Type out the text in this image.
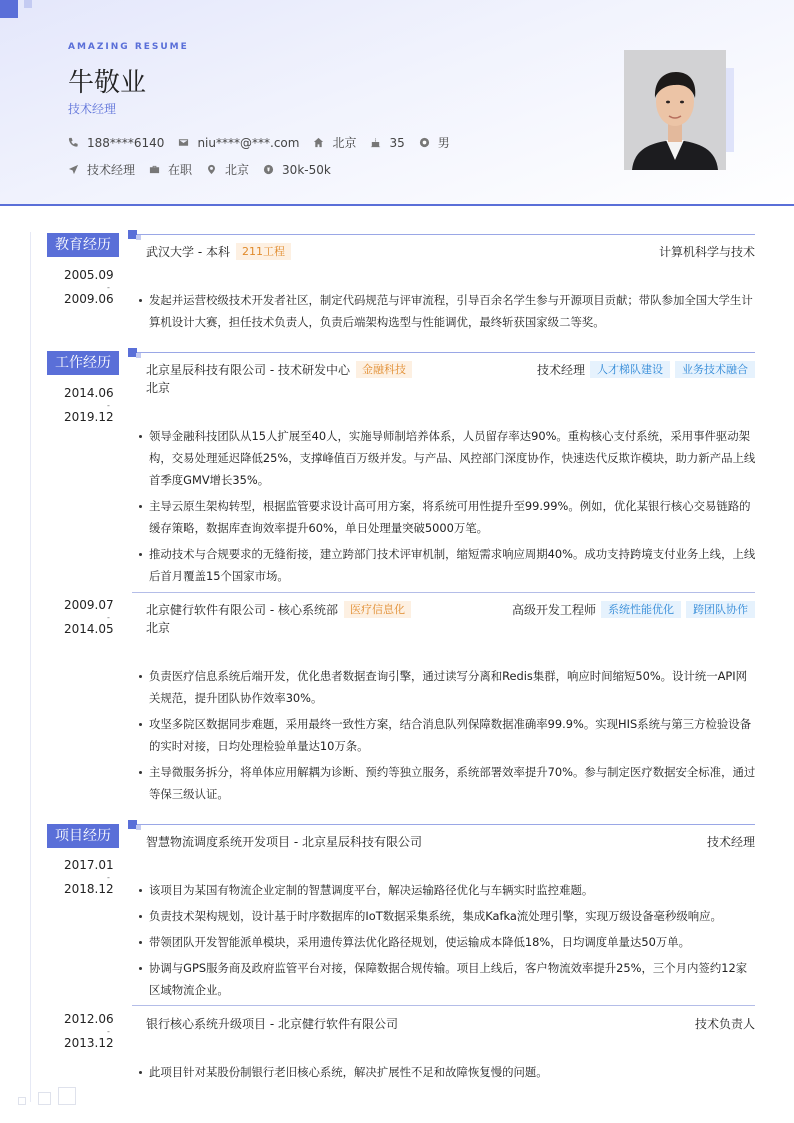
AMAZING RESUME
牛敬业
技术经理
188****6140	niu****@***.com	北京	35	男
技术经理	在职	北京	30k-50k
教育经历
2005.09
-
2009.06
武汉大学 - 本科	211工程	计算机科学与技术
发起并运营校级技术开发者社区，制定代码规范与评审流程，引导百余名学生参与开源项目贡献；带队参加全国大学生计算机设计大赛，担任技术负责人，负责后端架构选型与性能调优，最终斩获国家级二等奖。
工作经历
2014.06
-
2019.12
北京星辰科技有限公司 - 技术研发中心	金融科技	技术经理	人才梯队建设	业务技术融合
北京
领导金融科技团队从15人扩展至40人，实施导师制培养体系，人员留存率达90%。重构核心支付系统，采用事件驱动架构，交易处理延迟降低25%，支撑峰值百万级并发。与产品、风控部门深度协作，快速迭代反欺诈模块，助力新产品上线首季度GMV增长35%。
主导云原生架构转型，根据监管要求设计高可用方案，将系统可用性提升至99.99%。例如，优化某银行核心交易链路的缓存策略，数据库查询效率提升60%，单日处理量突破5000万笔。
推动技术与合规要求的无缝衔接，建立跨部门技术评审机制，缩短需求响应周期40%。成功支持跨境支付业务上线，上线后首月覆盖15个国家市场。
2009.07
-
2014.05
北京健行软件有限公司 - 核心系统部	医疗信息化	高级开发工程师	系统性能优化	跨团队协作
北京
负责医疗信息系统后端开发，优化患者数据查询引擎，通过读写分离和Redis集群，响应时间缩短50%。设计统一API网关规范，提升团队协作效率30%。
攻坚多院区数据同步难题，采用最终一致性方案，结合消息队列保障数据准确率99.9%。实现HIS系统与第三方检验设备的实时对接，日均处理检验单量达10万条。
主导微服务拆分，将单体应用解耦为诊断、预约等独立服务，系统部署效率提升70%。参与制定医疗数据安全标准，通过等保三级认证。
项目经历
2017.01
-
2018.12
智慧物流调度系统开发项目 - 北京星辰科技有限公司	技术经理
该项目为某国有物流企业定制的智慧调度平台，解决运输路径优化与车辆实时监控难题。
负责技术架构规划，设计基于时序数据库的IoT数据采集系统，集成Kafka流处理引擎，实现万级设备毫秒级响应。
带领团队开发智能派单模块，采用遗传算法优化路径规划，使运输成本降低18%，日均调度单量达50万单。
协调与GPS服务商及政府监管平台对接，保障数据合规传输。项目上线后，客户物流效率提升25%，三个月内签约12家区域物流企业。
2012.06
-
2013.12
银行核心系统升级项目 - 北京健行软件有限公司	技术负责人
此项目针对某股份制银行老旧核心系统，解决扩展性不足和故障恢复慢的问题。
